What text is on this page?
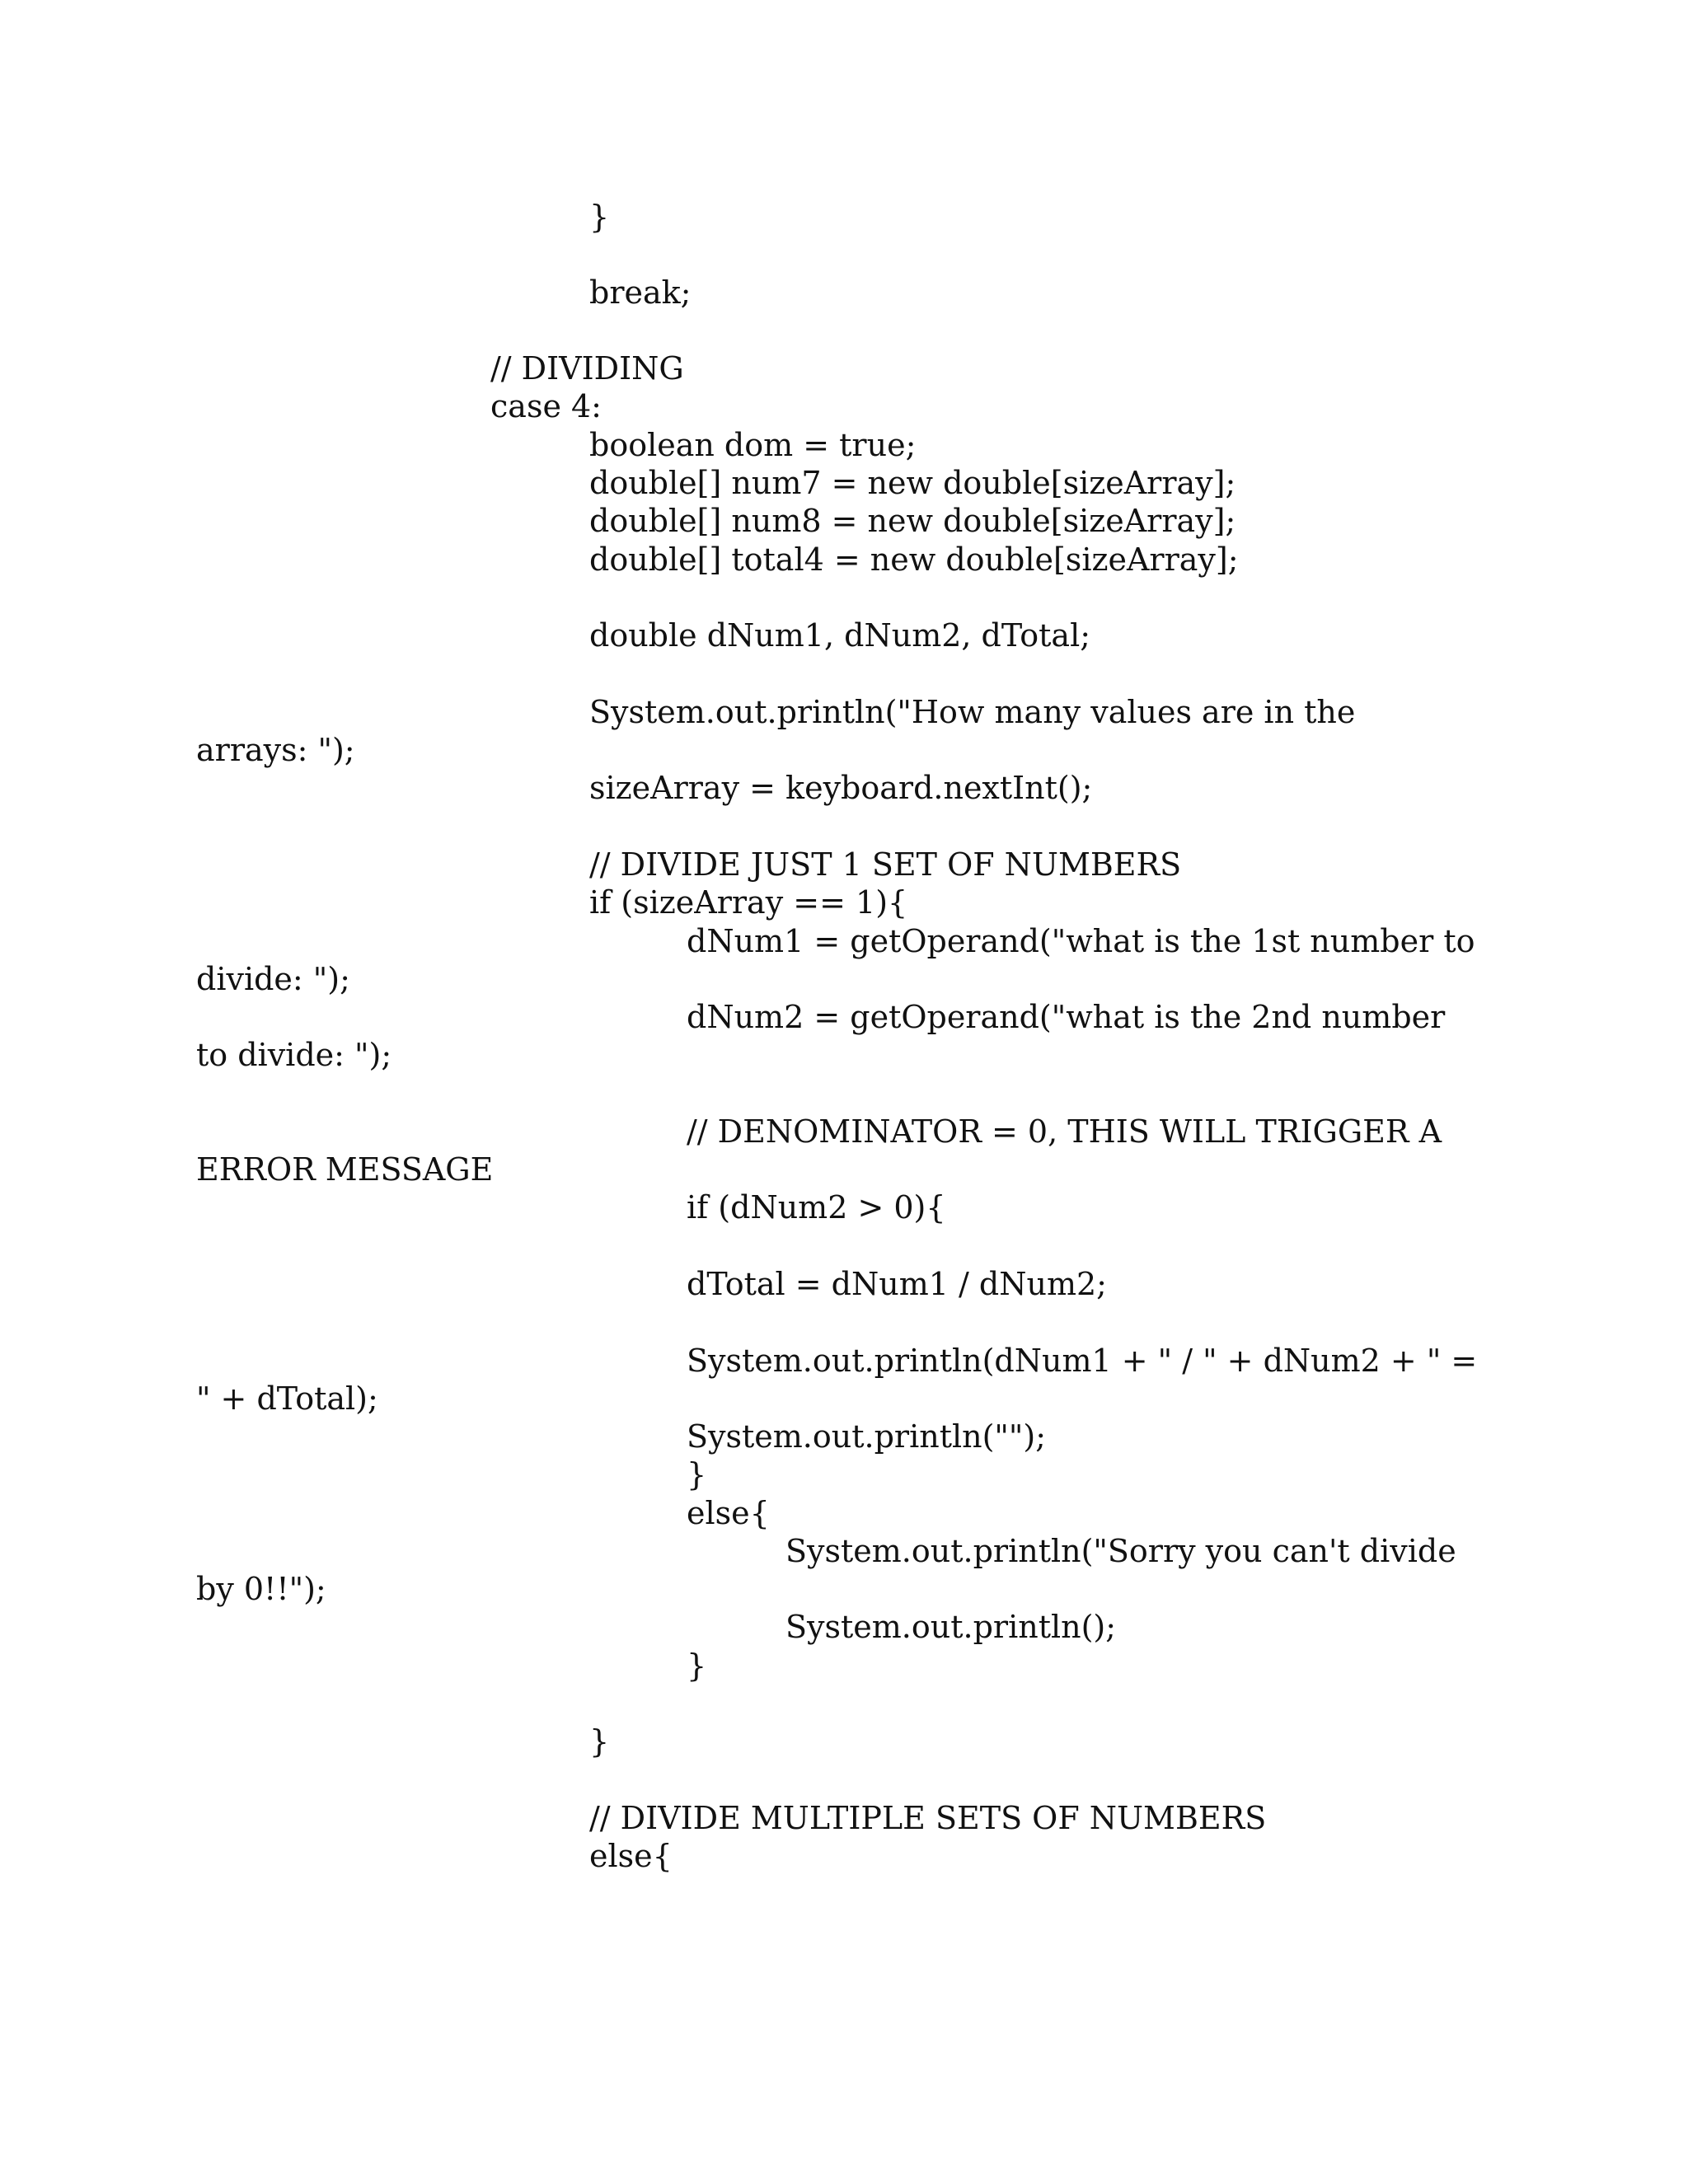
}
break;
// DIVIDING
case 4:
boolean dom = true;
double[] num7 = new double[sizeArray];
double[] num8 = new double[sizeArray];
double[] total4 = new double[sizeArray];
double dNum1, dNum2, dTotal;
System.out.println("How many values are in the
arrays: ");
sizeArray = keyboard.nextInt();
// DIVIDE JUST 1 SET OF NUMBERS
if (sizeArray == 1){
dNum1 = getOperand("what is the 1st number to
divide: ");
dNum2 = getOperand("what is the 2nd number
to divide: ");
// DENOMINATOR = 0, THIS WILL TRIGGER A
ERROR MESSAGE
if (dNum2 > 0){
dTotal = dNum1 / dNum2;
System.out.println(dNum1 + " / " + dNum2 + " =
" + dTotal);
System.out.println("");
}
else{
System.out.println("Sorry you can't divide
by 0!!");
System.out.println();
}
}
// DIVIDE MULTIPLE SETS OF NUMBERS
else{
